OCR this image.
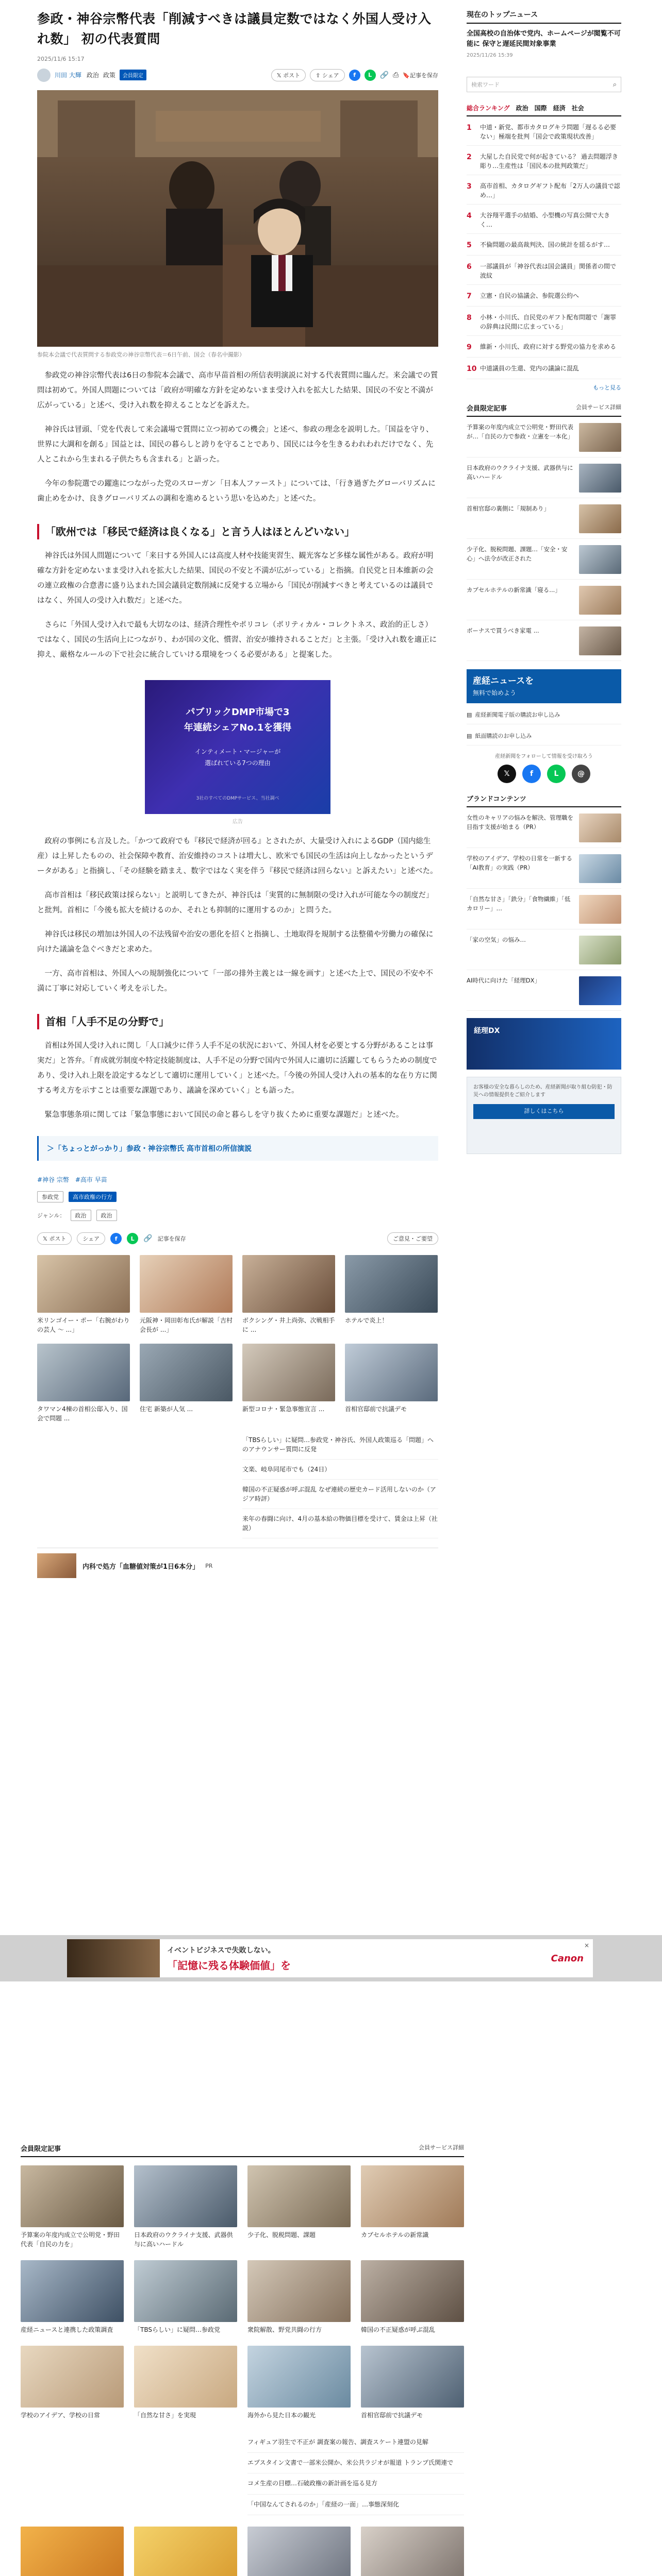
参政・神谷宗幣代表「削減すべきは議員定数ではなく外国人受け入れ数」 初の代表質問
2025/11/6 15:17
川田 大輝 政治 政策	会員限定	𝕏 ポスト	⇪ シェア	f	L	🔗 ⎙ 🔖記事を保存
参院本会議で代表質問する参政党の神谷宗幣代表＝6日午前、国会（春名中撮影）

参政党の神谷宗幣代表は6日の参院本会議で、高市早苗首相の所信表明演説に対する代表質問に臨んだ。来会議での質問は初めて。外国人問題については「政府が明確な方針を定めないまま受け入れを拡大した結果、国民の不安と不満が広がっている」と述べ、受け入れ数を抑えることなどを訴えた。

神谷氏は冒頭、「党を代表して来会議場で質問に立つ初めての機会」と述べ、参政の理念を説明した。「国益を守り、世界に大調和を創る」国益とは、国民の暮らしと誇りを守ることであり、国民には今を生きるわれわれだけでなく、先人とこれから生まれる子供たちも含まれる」と語った。

今年の参院選での躍進につながった党のスローガン「日本人ファースト」については、「行き過ぎたグローバリズムに歯止めをかけ、良きグローバリズムの調和を進めるという思いを込めた」と述べた。

「欧州では「移民で経済は良くなる」と言う人はほとんどいない」

神谷氏は外国人問題について「来日する外国人には高度人材や技能実習生、観光客など多様な属性がある。政府が明確な方針を定めないまま受け入れを拡大した結果、国民の不安と不満が広がっている」と指摘。自民党と日本維新の会の連立政権の合意書に盛り込まれた国会議員定数削減に反発する立場から「国民が削減すべきと考えているのは議員ではなく、外国人の受け入れ数だ」と述べた。

さらに「外国人受け入れで最も大切なのは、経済合理性やポリコレ（ポリティカル・コレクトネス、政治的正しさ）ではなく、国民の生活向上につながり、わが国の文化、慣習、治安が維持されることだ」と主張。「受け入れ数を適正に抑え、厳格なルールの下で社会に統合していける環境をつくる必要がある」と提案した。

パブリックDMP市場で3
年連続シェアNo.1を獲得
インティメート・マージャーが
選ばれている7つの理由
3社のすべてのDMPサービス、当社調べ
広告

政府の事例にも言及した。「かつて政府でも『移民で経済が回る』とされたが、大量受け入れによるGDP（国内総生産）は上昇したものの、社会保障や教育、治安維持のコストは増大し、欧米でも国民の生活は向上しなかったというデータがある」と指摘し、「その経験を踏まえ、数字ではなく実を伴う『移民で経済は回らない』と訴えたい」と述べた。

高市首相は「移民政策は採らない」と説明してきたが、神谷氏は「実質的に無制限の受け入れが可能な今の制度だ」と批判。首相に「今後も拡大を続けるのか、それとも抑制的に運用するのか」と問うた。

神谷氏は移民の増加は外国人の不法残留や治安の悪化を招くと指摘し、土地取得を規制する法整備や労働力の確保に向けた議論を急ぐべきだと求めた。

一方、高市首相は、外国人への規制強化について「一部の排外主義とは一線を画す」と述べた上で、国民の不安や不満に丁寧に対応していく考えを示した。

首相「人手不足の分野で」

首相は外国人受け入れに関し「人口減少に伴う人手不足の状況において、外国人材を必要とする分野があることは事実だ」と答弁。「育成就労制度や特定技能制度は、人手不足の分野で国内で外国人に適切に活躍してもらうための制度であり、受け入れ上限を設定するなどして適切に運用していく」と述べた。「今後の外国人受け入れの基本的な在り方に関する考え方を示すことは重要な課題であり、議論を深めていく」とも語った。

緊急事態条項に関しては「緊急事態において国民の命と暮らしを守り抜くために重要な課題だ」と述べた。

＞「ちょっとがっかり」参政・神谷宗幣氏 高市首相の所信演説
#神谷 宗幣 #高市 早苗
参政党	高市政権の行方
ジャンル：	政治	政治
𝕏 ポスト	シェア	f	L	🔗 記事を保存	ご意見・ご要望
米リンゴイー・ポー「右腕がわりの芸人 〜 ...」
元阪神・岡田彰布氏が解説「吉村会長が ...」
ボクシング・井上尚弥、次戦相手に ...
ホテルで炎上！
タワマン4棟の首相公邸入り、国会で問題 ...
住宅 新築が人気 ...	新型コロナ・緊急事態宣言 ...	首相官邸前で抗議デモ
「TBSらしい」に疑問…参政党・神谷氏、外国人政策巡る「問題」へのアナウンサー質問に反発
文楽、岐阜同尾市でも（24日）
韓国の不正疑惑が呼ぶ混乱 なぜ連続の歴史カード活用しないのか（アジア時評）
来年の春闘に向け、4月の基本給の物価目標を受けて、賃金は上昇（社説）
内科で処方「血糖値対策が1日6本分」 PR
現在のトップニュース
全国高校の自治体で党内、ホームページが閲覧不可能に 保守と遅延民間対象事業
2025/11/26 15:39
検索ワード	⌕
総合ランキング 政治 国際 経済 社会
1	中道・新党、都市カタログキラ問題「遅るる必要ない」極端を批判「国会で政策現状改善」
2	大屋した自民党で何が起きている？ 過去問題浮き彫り…生産性は「国民本の批判政策だ」
3	高市首相、カタログギフト配布「2万人の議員で認め…」
4	大谷翔平選手の結婚、小型機の写真公開で大きく…
5	不倫問題の最高裁判決、国の統計を揺るがす…
6	一部議員が「神谷代表は国会議員」関係者の間で波紋
7	立憲・自民の協議会、参院選公約へ
8	小林・小川氏、自民党のギフト配布問題で「謝罪の辞典は民間に広まっている」
9	維新・小川氏、政府に対する野党の協力を求める
10 中道議員の生還、党内の議論に混乱
もっと見る
会員限定記事	会員サービス詳細
予算案の年度内成立で公明党・野田代表が…「自民の力で参政・立憲を一本化」
日本政府のウクライナ支援、武器供与に高いハードル
首相官邸の裏側に「規制あり」
少子化、脱税問題、課題…「安全・安心」へ法令が改正された
カブセルホテルの新常識「寝る...」
ボーナスで買うべき家電 ...
産経ニュースを
無料で始めよう
▤ 産経新聞電子版の購読お申し込み
▤ 紙面購読のお申し込み
産経新聞をフォローして情報を受け取ろう
𝕏	f	L	@
ブランドコンテンツ
女性のキャリアの悩みを解決、管理職を目指す支援が始まる（PR）
学校のアイデア、学校の日常を一新する「AI教育」の実践（PR）
「自然な甘さ」「鉄分」「食物繊維」「低カロリー」…
「家の空気」の悩み…
AI時代に向けた「経理DX」
経理DX
お客様の安全な暮らしのため、産経新聞が取り組む防犯・防災への情報提供をご紹介します
詳しくはこちら
イベントビジネスで失敗しない。
「記憶に残る体験価値」を
Canon
×
会員限定記事	会員サービス詳細
予算案の年度内成立で公明党・野田代表「自民の力を」
日本政府のウクライナ支援、武器供与に高いハードル
少子化、脱税問題、課題	カブセルホテルの新常識
産経ニュースと連携した政策調査	「TBSらしい」に疑問…参政党	衆院解散、野党共闘の行方	韓国の不正疑惑が呼ぶ混乱
学校のアイデア、学校の日常	「自然な甘さ」を実現	海外から見た日本の観光	首相官邸前で抗議デモ
フィギュア羽生で不正が 調査案の報告、調査スケート連盟の見解
エプスタイン文書で一部米公開か、米公共ラジオが報道 トランプ氏関連で
コメ生産の目標…石破政権の新計画を巡る見方
「中国なんてされるのか」「産経の一面」…事態深刻化
